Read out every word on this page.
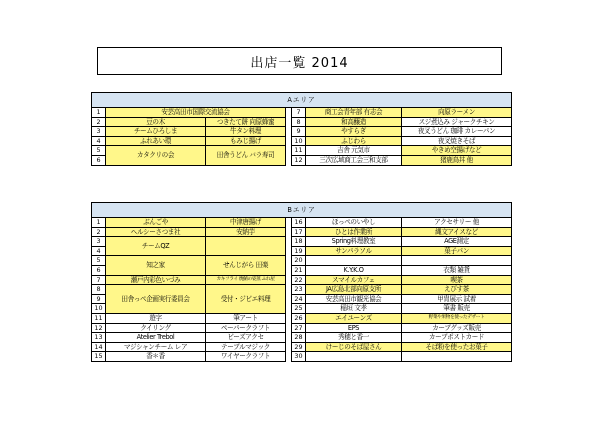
出店一覧 2014
Aエリア						
1	安芸高田市国際交流協会			7	商工会青年部 有志会	向原ラーメン
2	豆の木	つきたて餅 向原蜂蜜		8	和高醸造	スジ煮込み ジャークチキン
3	チームひろしま	牛タン料理		9	やすらぎ	夜叉うどん 珈琲 カレーパン
4	ふれあい環	もみじ揚げ		10	ふじわら	夜叉焼きそば
5	カタクリの会	田舎うどん バラ寿司		11	吉舎 元気市	やきめ空揚げなど
6				12	三次広域商工会三和支部	猪鹿鳥丼 他
Bエリア						
1	ぶんごや	中津唐揚げ		16	ほっぺのいやし	アクセサリー 他
2	ヘルシーさつま社	安納芋		17	ひとは作業所	縄文アイスなど
3	チームQZ			18	Spring料理教室	AGE測定
4				19	サンパラソル	菓子パン
5	知之家	せんじがら 田楽		20		
6				21	K.Y.K.O	衣類 雑貨
7	瀬戸内彩色いづみ	カキフライ 焼鯖の姿蒸 ふれ屋		22	スマイルカフェ	喫茶
8	田舎っぺ企画実行委員会	受付・ジビエ料理		23	JA広島北部向原支所	えびす茶
9				24	安芸高田市観光協会	甲胄展示 試着
10				25	稲垣 文孝	筆書 販売
11	遊字	筆アート		26	エイユーンズ	野菜や果物を使ったデザート
12	クイリング	ペーパークラフト		27	EPS	カーブグッズ販売
13	Atelier Trebol	ビーズアクセ		28	秀穂と香一	カーブポストカード
14	マジシャンチーム レア	テーブルマジック		29	けーじのそば屋さん	そば粉を使ったお菓子
15	香＊香	ワイヤークラフト		30		
